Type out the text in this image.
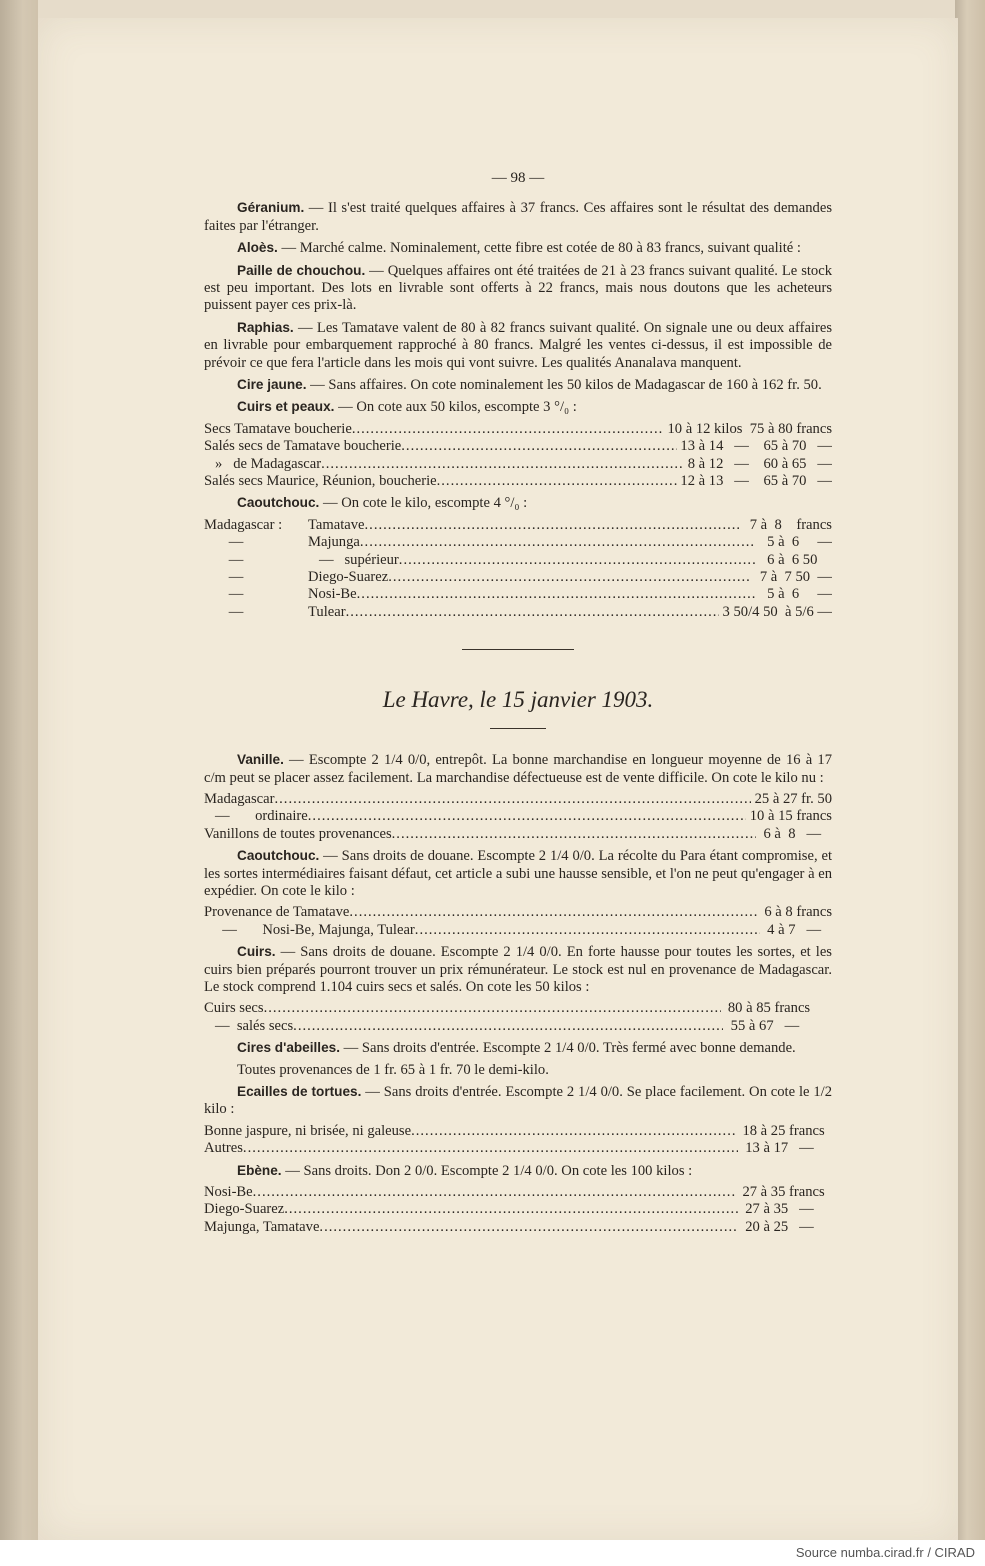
— 98 —

Géranium. — Il s'est traité quelques affaires à 37 francs. Ces affaires sont le résultat des demandes faites par l'étranger.

Aloès. — Marché calme. Nominalement, cette fibre est cotée de 80 à 83 francs, suivant qualité :

Paille de chouchou. — Quelques affaires ont été traitées de 21 à 23 francs suivant qualité. Le stock est peu important. Des lots en livrable sont offerts à 22 francs, mais nous doutons que les acheteurs puissent payer ces prix-là.

Raphias. — Les Tamatave valent de 80 à 82 francs suivant qualité. On signale une ou deux affaires en livrable pour embarquement rapproché à 80 francs. Malgré les ventes ci-dessus, il est impossible de prévoir ce que fera l'article dans les mois qui vont suivre. Les qualités Ananalava manquent.

Cire jaune. — Sans affaires. On cote nominalement les 50 kilos de Madagascar de 160 à 162 fr. 50.

Cuirs et peaux. — On cote aux 50 kilos, escompte 3 °/₀ :

Secs Tamatave boucherie .....	10 à 12 kilos  75 à 80 francs
Salés secs de Tamatave boucherie .....	13 à 14   —    65 à 70   —
»   de Madagascar .....	8 à 12   —    60 à 65   —
Salés secs Maurice, Réunion, boucherie .....	12 à 13   —    65 à 70   —

Caoutchouc. — On cote le kilo, escompte 4 °/₀ :

Madagascar :	Tamatave .....	7 à  8    francs
—	Majunga .....	5 à  6     —
—	—   supérieur .....	6 à  6 50
—	Diego-Suarez .....	7 à  7 50  —
—	Nosi-Be .....	5 à  6     —
—	Tulear .....	3 50/4 50  à 5/6 —
Le Havre, le 15 janvier 1903.

Vanille. — Escompte 2 1/4 0/0, entrepôt. La bonne marchandise en longueur moyenne de 16 à 17 c/m peut se placer assez facilement. La marchandise défectueuse est de vente difficile. On cote le kilo nu :

Madagascar .....	25 à 27 fr. 50
—       ordinaire .....	10 à 15 francs
Vanillons de toutes provenances .....	6 à  8   —

Caoutchouc. — Sans droits de douane. Escompte 2 1/4 0/0. La récolte du Para étant compromise, et les sortes intermédiaires faisant défaut, cet article a subi une hausse sensible, et l'on ne peut qu'engager à en expédier. On cote le kilo :

Provenance de Tamatave .....	6 à 8 francs
—       Nosi-Be, Majunga, Tulear .....	4 à 7   —

Cuirs. — Sans droits de douane. Escompte 2 1/4 0/0. En forte hausse pour toutes les sortes, et les cuirs bien préparés pourront trouver un prix rémunérateur. Le stock est nul en provenance de Madagascar. Le stock comprend 1.104 cuirs secs et salés. On cote les 50 kilos :

Cuirs secs .....	80 à 85 francs
—  salés secs .....	55 à 67   —

Cires d'abeilles. — Sans droits d'entrée. Escompte 2 1/4 0/0. Très fermé avec bonne demande.

Toutes provenances de 1 fr. 65 à 1 fr. 70 le demi-kilo.

Ecailles de tortues. — Sans droits d'entrée. Escompte 2 1/4 0/0. Se place facilement. On cote le 1/2 kilo :

Bonne jaspure, ni brisée, ni galeuse .....	18 à 25 francs
Autres .....	13 à 17   —

Ebène. — Sans droits. Don 2 0/0. Escompte 2 1/4 0/0. On cote les 100 kilos :

Nosi-Be .....	27 à 35 francs
Diego-Suarez .....	27 à 35   —
Majunga, Tamatave .....	20 à 25   —
Source numba.cirad.fr / CIRAD
